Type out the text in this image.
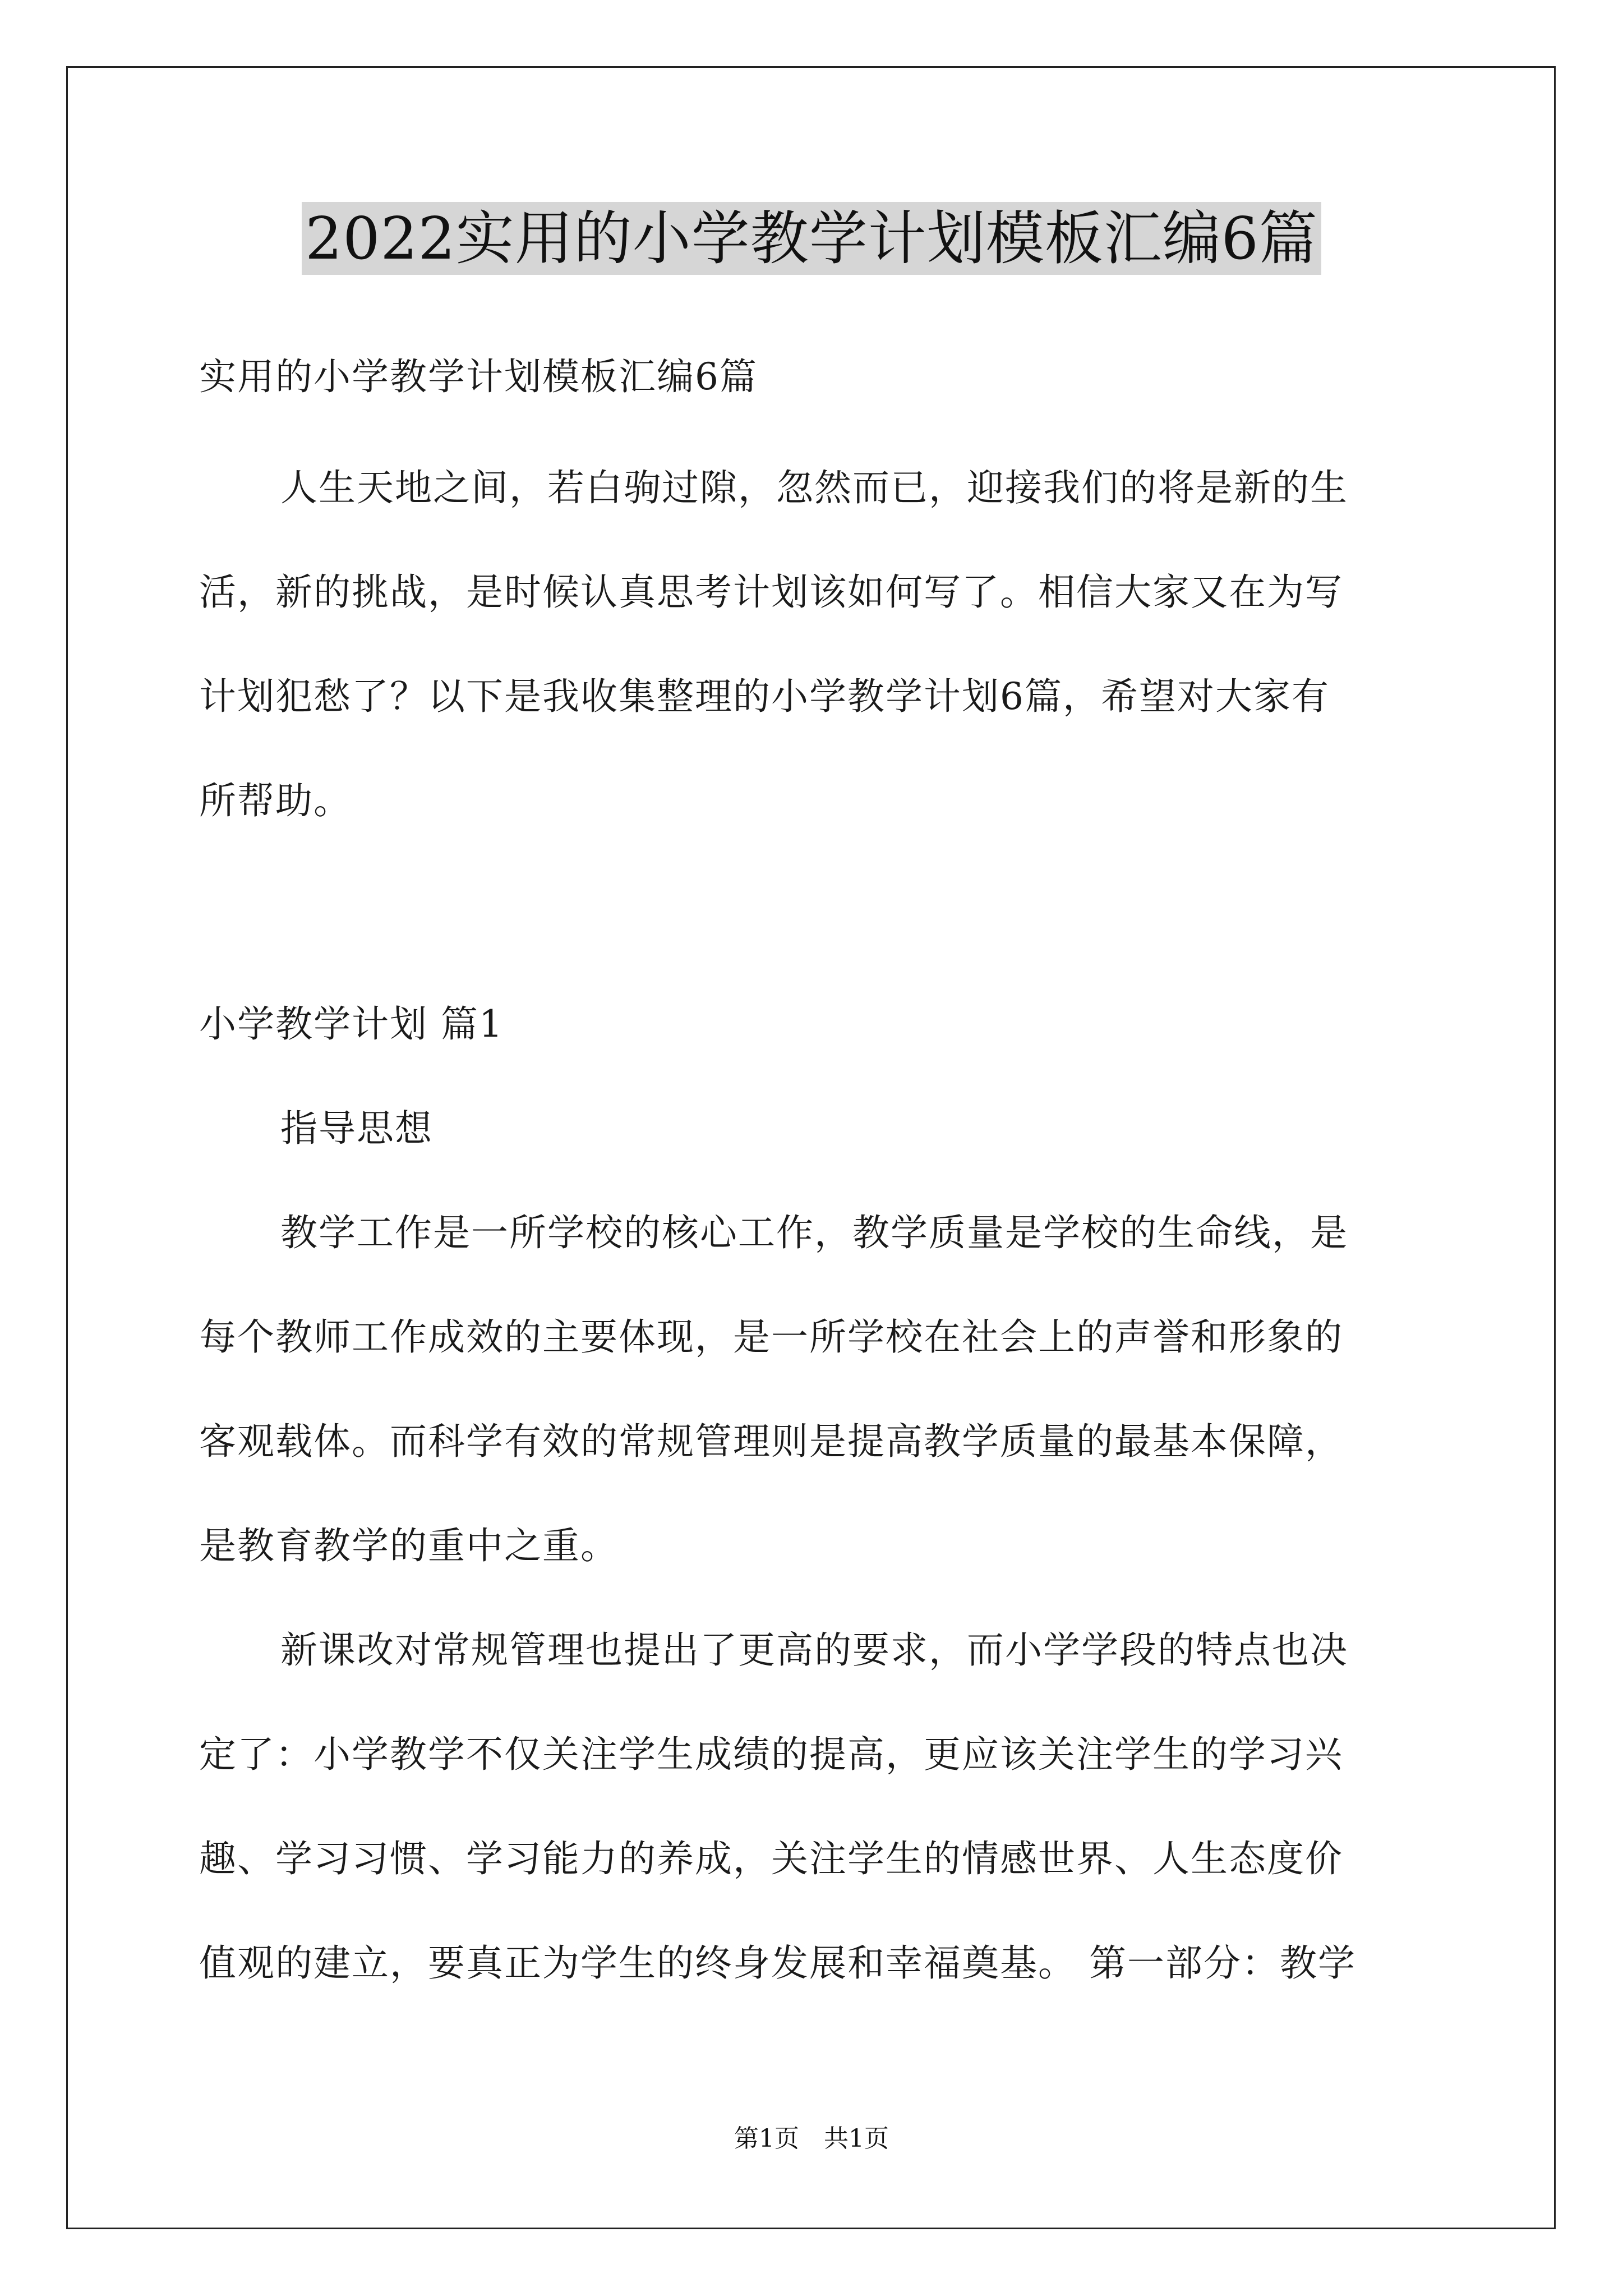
2022实用的小学教学计划模板汇编6篇
实用的小学教学计划模板汇编6篇
人生天地之间，若白驹过隙，忽然而已，迎接我们的将是新的生
活，新的挑战，是时候认真思考计划该如何写了。相信大家又在为写
计划犯愁了？以下是我收集整理的小学教学计划6篇，希望对大家有
所帮助。
小学教学计划 篇1
指导思想
教学工作是一所学校的核心工作，教学质量是学校的生命线，是
每个教师工作成效的主要体现，是一所学校在社会上的声誉和形象的
客观载体。而科学有效的常规管理则是提高教学质量的最基本保障，
是教育教学的重中之重。
新课改对常规管理也提出了更高的要求，而小学学段的特点也决
定了：小学教学不仅关注学生成绩的提高，更应该关注学生的学习兴
趣、学习习惯、学习能力的养成，关注学生的情感世界、人生态度价
值观的建立，要真正为学生的终身发展和幸福奠基。 第一部分：教学
第1页　共1页
